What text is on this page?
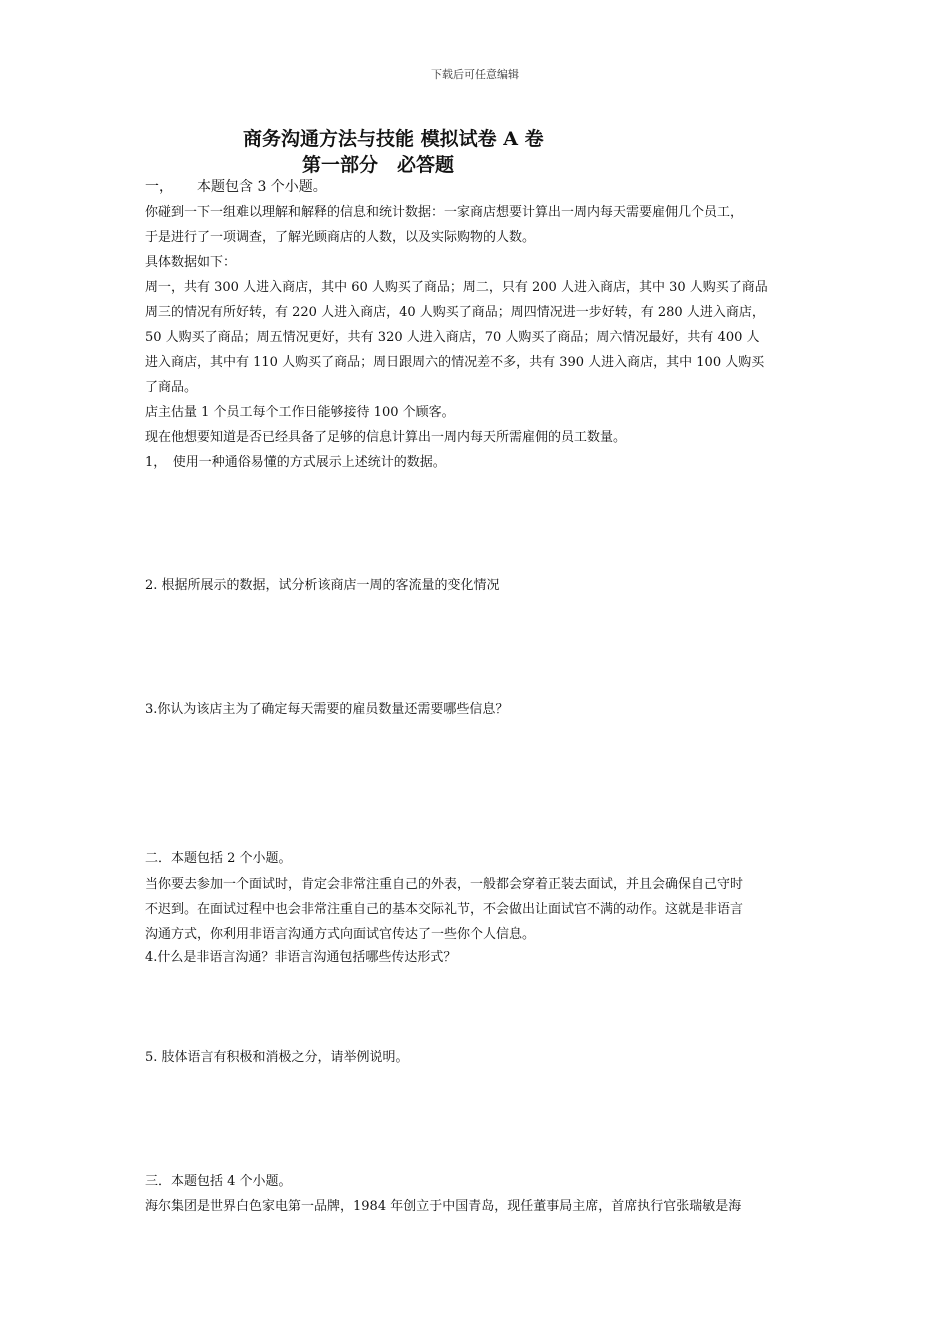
下载后可任意编辑
商务沟通方法与技能 模拟试卷 A 卷
第一部分　必答题
一， 本题包含 3 个小题。
你碰到一下一组难以理解和解释的信息和统计数据：一家商店想要计算出一周内每天需要雇佣几个员工，
于是进行了一项调查，了解光顾商店的人数，以及实际购物的人数。
具体数据如下：
周一，共有 300 人进入商店，其中 60 人购买了商品；周二，只有 200 人进入商店，其中 30 人购买了商品
周三的情况有所好转，有 220 人进入商店，40 人购买了商品；周四情况进一步好转，有 280 人进入商店，
50 人购买了商品；周五情况更好，共有 320 人进入商店，70 人购买了商品；周六情况最好，共有 400 人
进入商店，其中有 110 人购买了商品；周日跟周六的情况差不多，共有 390 人进入商店，其中 100 人购买
了商品。
店主估量 1 个员工每个工作日能够接待 100 个顾客。
现在他想要知道是否已经具备了足够的信息计算出一周内每天所需雇佣的员工数量。
1，　使用一种通俗易懂的方式展示上述统计的数据。
2. 根据所展示的数据，试分析该商店一周的客流量的变化情况
3.你认为该店主为了确定每天需要的雇员数量还需要哪些信息？
二．本题包括 2 个小题。
当你要去参加一个面试时，肯定会非常注重自己的外表，一般都会穿着正装去面试，并且会确保自己守时
不迟到。在面试过程中也会非常注重自己的基本交际礼节，不会做出让面试官不满的动作。这就是非语言
沟通方式，你利用非语言沟通方式向面试官传达了一些你个人信息。
4.什么是非语言沟通？非语言沟通包括哪些传达形式？
5. 肢体语言有积极和消极之分，请举例说明。
三．本题包括 4 个小题。
海尔集团是世界白色家电第一品牌，1984 年创立于中国青岛，现任董事局主席，首席执行官张瑞敏是海
